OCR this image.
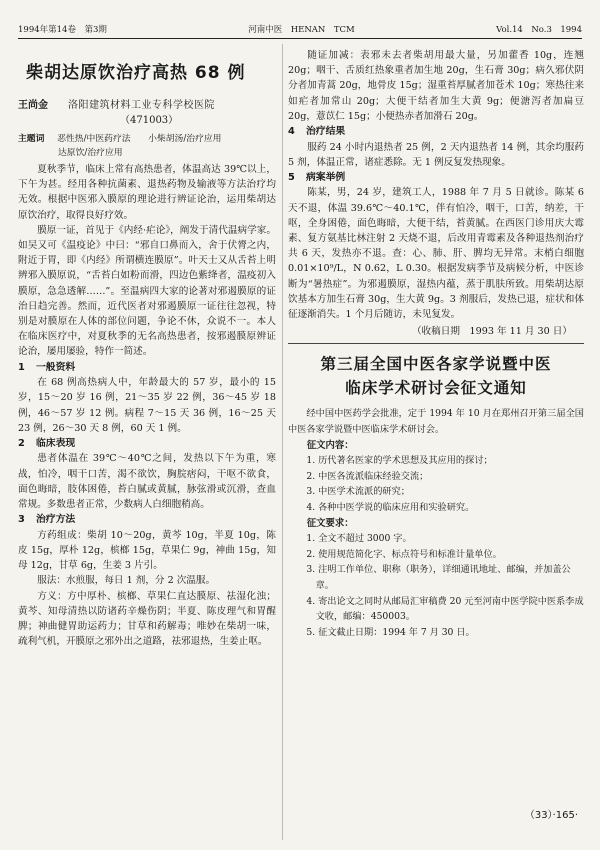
1994年第14卷　第3期	河南中医　HENAN　TCM	Vol.14　No.3　1994
柴胡达原饮治疗高热 68 例
王尚金 洛阳建筑材料工业专科学校医院
（471003）
主题词 恶性热/中医药疗法　　小柴胡汤/治疗应用
达原饮/治疗应用

夏秋季节，临床上常有高热患者，体温高达 39℃以上，下午为甚。经用各种抗菌素、退热药物及输液等方法治疗均无效。根据中医邪入膜原的理论进行辨证论治，运用柴胡达原饮治疗，取得良好疗效。

膜原一证，首见于《内经·疟论》，阐发于清代温病学家。如吴又可《温疫论》中曰：“邪自口鼻而入，舍于伏膂之内，附近于胃，即《内经》所谓横连膜原”。叶天士又从舌苔上明辨邪入膜原说，“舌苔白如粉而滑，四边色紫绛者，温疫初入膜原，急急透解……”。至温病四大家的论著对邪遏膜原的证治日趋完善。然而，近代医者对邪遏膜原一证往往忽视，特别是对膜原在人体的部位问题，争论不休，众说不一。本人在临床医疗中，对夏秋季的无名高热患者，按邪遏膜原辨证论治，屡用屡验，特作一简述。

1 一般资料

在 68 例高热病人中，年龄最大的 57 岁，最小的 15 岁，15～20 岁 16 例，21～35 岁 22 例，36～45 岁 18 例，46～57 岁 12 例。病程 7～15 天 36 例，16～25 天 23 例，26～30 天 8 例，60 天 1 例。

2 临床表现

患者体温在 39℃～40℃之间，发热以下午为重，寒战，怕冷，咽干口苦，渴不欲饮，胸脘痞闷，干呕不欲食，面色晦暗，肢体困倦，苔白腻或黄腻，脉弦滑或沉滑，查血常规。多数患者正常，少数病人白细胞稍高。

3 治疗方法

方药组成：柴胡 10～20g，黄芩 10g，半夏 10g，陈皮 15g，厚朴 12g，槟榔 15g，草果仁 9g，神曲 15g，知母 12g，甘草 6g，生姜 3 片引。

服法：水煎服，每日 1 剂，分 2 次温服。

方义：方中厚朴、槟榔、草果仁直达膜原、祛湿化浊；黄芩、知母清热以防诸药辛燥伤阴；半夏、陈皮理气和胃醒脾；神曲健胃助运药力；甘草和药解毒；唯妙在柴胡一味，疏利气机，开膜原之邪外出之道路，祛邪退热，生姜止呕。

随证加减：表邪未去者柴胡用最大量，另加藿香 10g，连翘 20g；咽干、舌质红热象重者加生地 20g，生石膏 30g；病久邪伏阴分者加青蒿 20g，地骨皮 15g；湿重苔厚腻者加苍术 10g；寒热往来如疟者加常山 20g；大便干结者加生大黄 9g；便溏泻者加扁豆 20g，薏苡仁 15g；小便热赤者加滑石 20g。

4 治疗结果

服药 24 小时内退热者 25 例，2 天内退热者 14 例，其余均服药 5 剂，体温正常，诸症悉除。无 1 例反复发热现象。

5 病案举例

陈某，男，24 岁，建筑工人，1988 年 7 月 5 日就诊。陈某 6 天不退，体温 39.6℃～40.1℃，伴有怕冷，咽干，口苦，纳差，干呕，全身困倦，面色晦暗，大便干结，苔黄腻。在西医门诊用庆大霉素、复方氨基比林注射 2 天烧不退，后改用青霉素及各种退热剂治疗共 6 天，发热亦不退。查：心、肺、肝、脾均无异常。末梢白细胞 0.01×10⁹/L，N 0.62，L 0.30。根据发病季节及病候分析，中医诊断为“暑热症”。为邪遏膜原，湿热内蕴，蒸于肌肤所致。用柴胡达原饮基本方加生石膏 30g，生大黄 9g。3 剂服后，发热已退，症状和体征逐渐消失。1 个月后随访，未见复发。

（收稿日期　1993 年 11 月 30 日）
第三届全国中医各家学说暨中医
临床学术研讨会征文通知

经中国中医药学会批准，定于 1994 年 10 月在郑州召开第三届全国中医各家学说暨中医临床学术研讨会。

征文内容：
1. 历代著名医家的学术思想及其应用的探讨；
2. 中医各流派临床经验交流；
3. 中医学术流派的研究；
4. 各种中医学说的临床应用和实验研究。
征文要求：
1. 全文不超过 3000 字。
2. 使用规范简化字、标点符号和标准计量单位。
3. 注明工作单位、职称（职务），详细通讯地址、邮编，并加盖公章。
4. 寄出论文之同时从邮局汇审稿费 20 元至河南中医学院中医系李成文收，邮编：450003。
5. 征文截止日期：1994 年 7 月 30 日。
（33）·165·
